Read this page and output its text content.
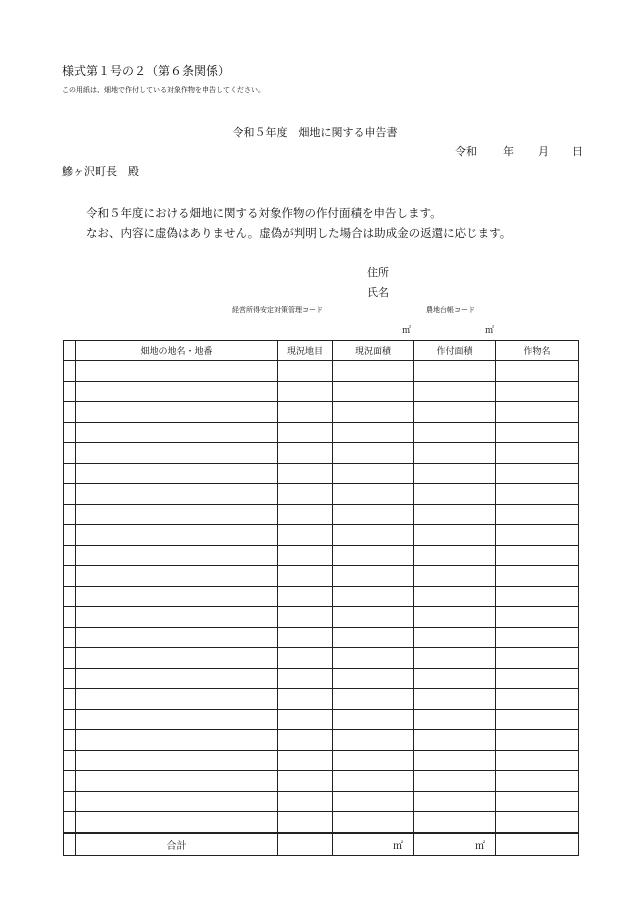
様式第１号の２（第６条関係）
この用紙は、畑地で作付している対象作物を申告してください。
令和５年度　畑地に関する申告書
令和 年 月 日
鰺ヶ沢町長　殿
令和５年度における畑地に関する対象作物の作付面積を申告します。
なお、内容に虚偽はありません。虚偽が判明した場合は助成金の返還に応じます。
住所
氏名
経営所得安定対策管理コード	農地台帳コード
㎡	㎡
	畑地の地名・地番	現況地目	現況面積	作付面積	作物名

	合計		㎡	㎡	
